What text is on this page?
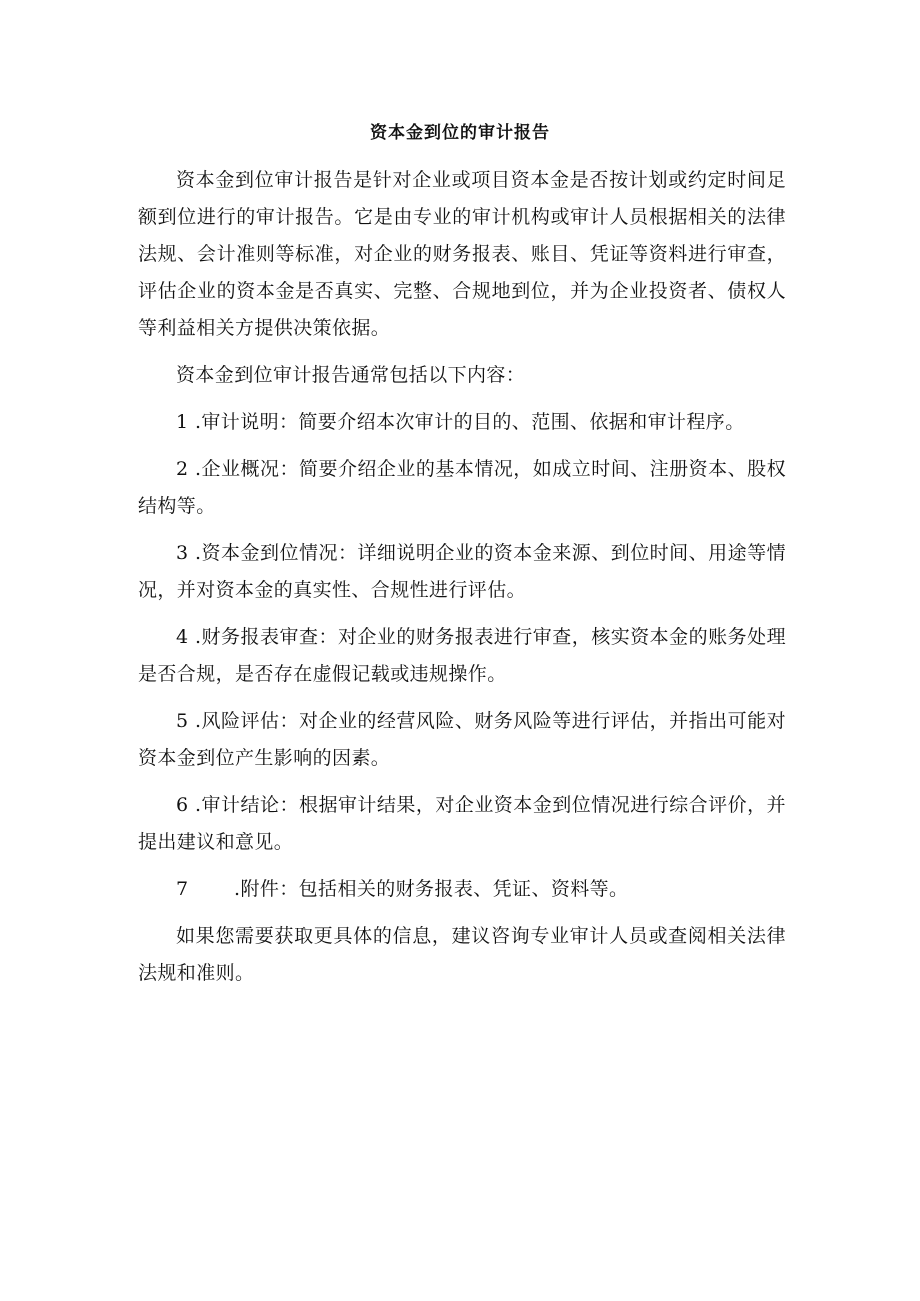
资本金到位的审计报告

资本金到位审计报告是针对企业或项目资本金是否按计划或约定时间足额到位进行的审计报告。它是由专业的审计机构或审计人员根据相关的法律法规、会计准则等标准，对企业的财务报表、账目、凭证等资料进行审查，评估企业的资本金是否真实、完整、合规地到位，并为企业投资者、债权人等利益相关方提供决策依据。

资本金到位审计报告通常包括以下内容：

1 .审计说明：简要介绍本次审计的目的、范围、依据和审计程序。

2 .企业概况：简要介绍企业的基本情况，如成立时间、注册资本、股权结构等。

3 .资本金到位情况：详细说明企业的资本金来源、到位时间、用途等情况，并对资本金的真实性、合规性进行评估。

4 .财务报表审查：对企业的财务报表进行审查，核实资本金的账务处理是否合规，是否存在虚假记载或违规操作。

5 .风险评估：对企业的经营风险、财务风险等进行评估，并指出可能对资本金到位产生影响的因素。

6 .审计结论：根据审计结果，对企业资本金到位情况进行综合评价，并提出建议和意见。

7 .附件：包括相关的财务报表、凭证、资料等。

如果您需要获取更具体的信息，建议咨询专业审计人员或查阅相关法律法规和准则。
